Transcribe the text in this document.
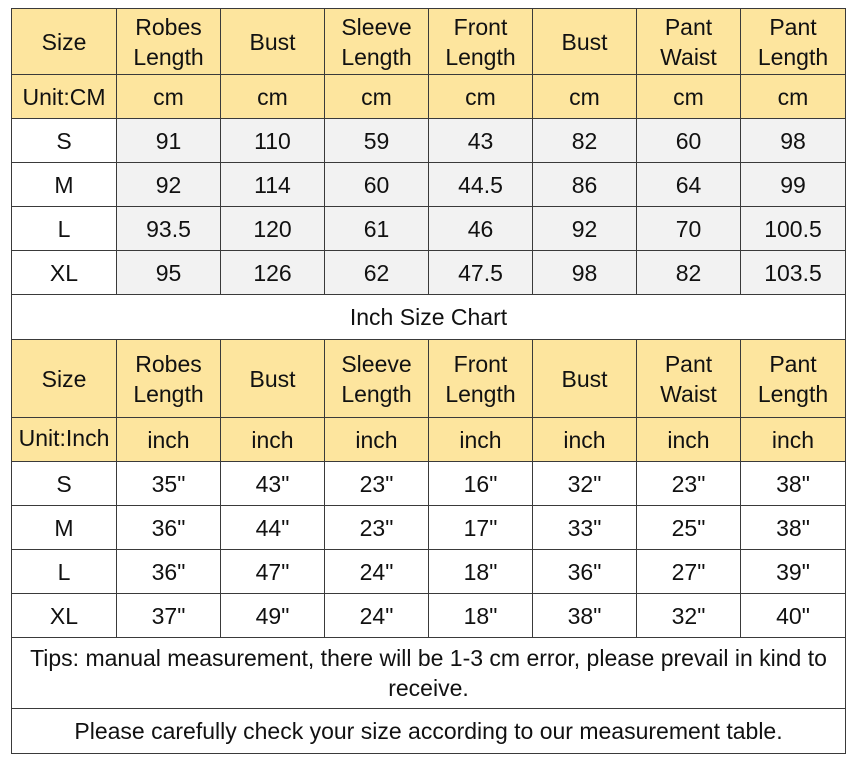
Size	Robes Length	Bust	Sleeve Length	Front Length	Bust	Pant Waist	Pant Length
Unit:CM	cm	cm	cm	cm	cm	cm	cm
S	91	110	59	43	82	60	98
M	92	114	60	44.5	86	64	99
L	93.5	120	61	46	92	70	100.5
XL	95	126	62	47.5	98	82	103.5
Inch Size Chart							
Size	Robes Length	Bust	Sleeve Length	Front Length	Bust	Pant Waist	Pant Length
Unit:Inch	inch	inch	inch	inch	inch	inch	inch
S	35"	43"	23"	16"	32"	23"	38"
M	36"	44"	23"	17"	33"	25"	38"
L	36"	47"	24"	18"	36"	27"	39"
XL	37"	49"	24"	18"	38"	32"	40"
Tips: manual measurement, there will be 1-3 cm error, please prevail in kind to receive.							
Please carefully check your size according to our measurement table.							
